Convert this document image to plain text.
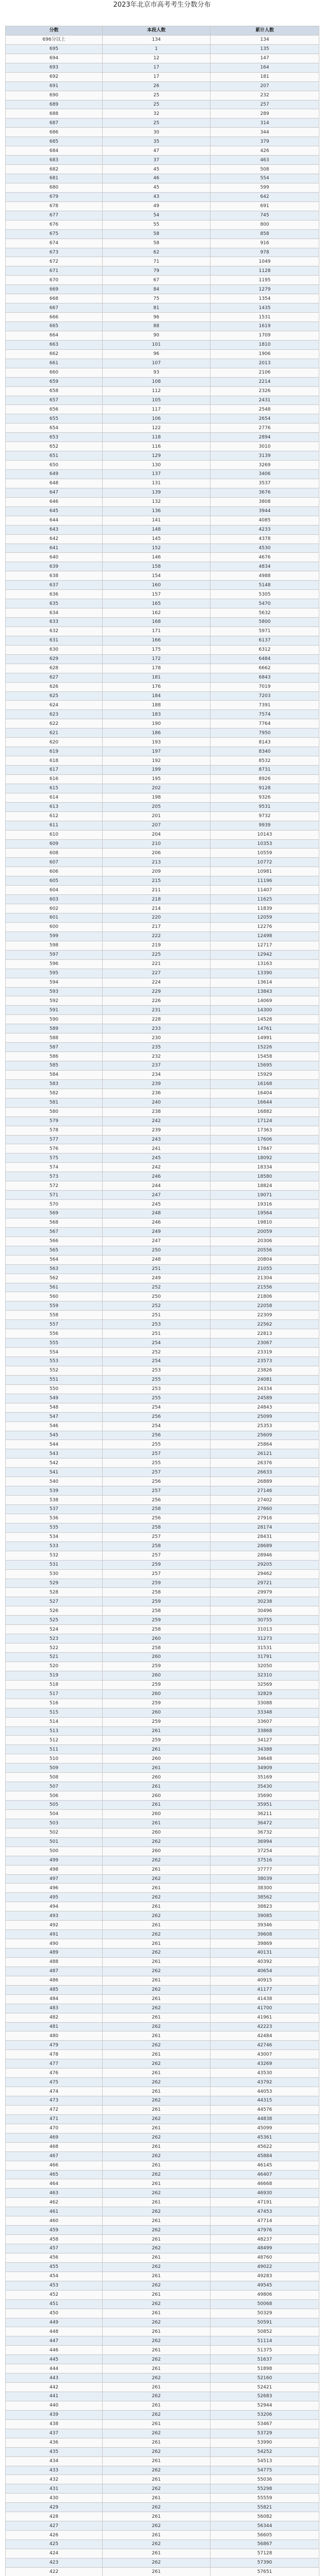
2023年北京市高考考生分数分布
分数	本段人数	累计人数
696分以上	134	134
695	1	135
694	12	147
693	17	164
692	17	181
691	26	207
690	25	232
689	25	257
688	32	289
687	25	314
686	30	344
685	35	379
684	47	426
683	37	463
682	45	508
681	46	554
680	45	599
679	43	642
678	49	691
677	54	745
676	55	800
675	58	858
674	58	916
673	62	978
672	71	1049
671	79	1128
670	67	1195
669	84	1279
668	75	1354
667	81	1435
666	96	1531
665	88	1619
664	90	1709
663	101	1810
662	96	1906
661	107	2013
660	93	2106
659	108	2214
658	112	2326
657	105	2431
656	117	2548
655	106	2654
654	122	2776
653	118	2894
652	116	3010
651	129	3139
650	130	3269
649	137	3406
648	131	3537
647	139	3676
646	132	3808
645	136	3944
644	141	4085
643	148	4233
642	145	4378
641	152	4530
640	146	4676
639	158	4834
638	154	4988
637	160	5148
636	157	5305
635	165	5470
634	162	5632
633	168	5800
632	171	5971
631	166	6137
630	175	6312
629	172	6484
628	178	6662
627	181	6843
626	176	7019
625	184	7203
624	188	7391
623	183	7574
622	190	7764
621	186	7950
620	193	8143
619	197	8340
618	192	8532
617	199	8731
616	195	8926
615	202	9128
614	198	9326
613	205	9531
612	201	9732
611	207	9939
610	204	10143
609	210	10353
608	206	10559
607	213	10772
606	209	10981
605	215	11196
604	211	11407
603	218	11625
602	214	11839
601	220	12059
600	217	12276
599	222	12498
598	219	12717
597	225	12942
596	221	13163
595	227	13390
594	224	13614
593	229	13843
592	226	14069
591	231	14300
590	228	14528
589	233	14761
588	230	14991
587	235	15226
586	232	15458
585	237	15695
584	234	15929
583	239	16168
582	236	16404
581	240	16644
580	238	16882
579	242	17124
578	239	17363
577	243	17606
576	241	17847
575	245	18092
574	242	18334
573	246	18580
572	244	18824
571	247	19071
570	245	19316
569	248	19564
568	246	19810
567	249	20059
566	247	20306
565	250	20556
564	248	20804
563	251	21055
562	249	21304
561	252	21556
560	250	21806
559	252	22058
558	251	22309
557	253	22562
556	251	22813
555	254	23067
554	252	23319
553	254	23573
552	253	23826
551	255	24081
550	253	24334
549	255	24589
548	254	24843
547	256	25099
546	254	25353
545	256	25609
544	255	25864
543	257	26121
542	255	26376
541	257	26633
540	256	26889
539	257	27146
538	256	27402
537	258	27660
536	256	27916
535	258	28174
534	257	28431
533	258	28689
532	257	28946
531	259	29205
530	257	29462
529	259	29721
528	258	29979
527	259	30238
526	258	30496
525	259	30755
524	258	31013
523	260	31273
522	258	31531
521	260	31791
520	259	32050
519	260	32310
518	259	32569
517	260	32829
516	259	33088
515	260	33348
514	259	33607
513	261	33868
512	259	34127
511	261	34388
510	260	34648
509	261	34909
508	260	35169
507	261	35430
506	260	35690
505	261	35951
504	260	36211
503	261	36472
502	260	36732
501	262	36994
500	260	37254
499	262	37516
498	261	37777
497	262	38039
496	261	38300
495	262	38562
494	261	38823
493	262	39085
492	261	39346
491	262	39608
490	261	39869
489	262	40131
488	261	40392
487	262	40654
486	261	40915
485	262	41177
484	261	41438
483	262	41700
482	261	41961
481	262	42223
480	261	42484
479	262	42746
478	261	43007
477	262	43269
476	261	43530
475	262	43792
474	261	44053
473	262	44315
472	261	44576
471	262	44838
470	261	45099
469	262	45361
468	261	45622
467	262	45884
466	261	46145
465	262	46407
464	261	46668
463	262	46930
462	261	47191
461	262	47453
460	261	47714
459	262	47976
458	261	48237
457	262	48499
456	261	48760
455	262	49022
454	261	49283
453	262	49545
452	261	49806
451	262	50068
450	261	50329
449	262	50591
448	261	50852
447	262	51114
446	261	51375
445	262	51637
444	261	51898
443	262	52160
442	261	52421
441	262	52683
440	261	52944
439	262	53206
438	261	53467
437	262	53729
436	261	53990
435	262	54252
434	261	54513
433	262	54775
432	261	55036
431	262	55298
430	261	55559
429	262	55821
428	261	56082
427	262	56344
426	261	56605
425	262	56867
424	261	57128
423	262	57390
422	261	57651
